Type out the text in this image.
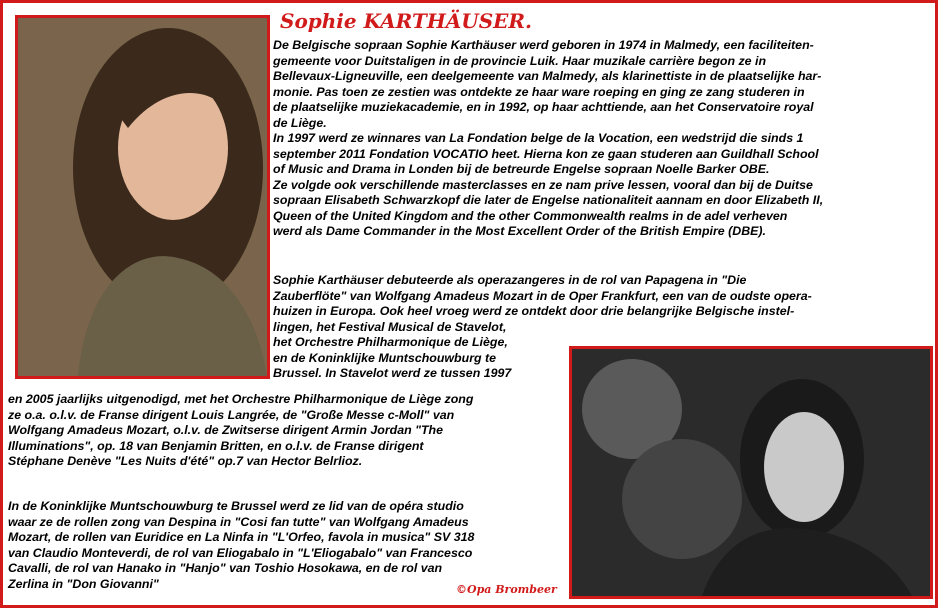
Sophie KARTHÄUSER.

De Belgische sopraan Sophie Karthäuser werd geboren in 1974 in Malmedy, een faciliteiten-
gemeente voor Duitstaligen in de provincie Luik. Haar muzikale carrière begon ze in
Bellevaux-Ligneuville, een deelgemeente van Malmedy, als klarinettiste in de plaatselijke har-
monie. Pas toen ze zestien was ontdekte ze haar ware roeping en ging ze zang studeren in
de plaatselijke muziekacademie, en in 1992, op haar achttiende, aan het Conservatoire royal
de Liège.
In 1997 werd ze winnares van La Fondation belge de la Vocation, een wedstrijd die sinds 1
september 2011 Fondation VOCATIO heet. Hierna kon ze gaan studeren aan Guildhall School
of Music and Drama in Londen bij de betreurde Engelse sopraan Noelle Barker OBE.
Ze volgde ook verschillende masterclasses en ze nam prive lessen, vooral dan bij de Duitse
sopraan Elisabeth Schwarzkopf die later de Engelse nationaliteit aannam en door Elizabeth II,
Queen of the United Kingdom and the other Commonwealth realms in de adel verheven
werd als Dame Commander in the Most Excellent Order of the British Empire (DBE).

Sophie Karthäuser debuteerde als operazangeres in de rol van Papagena in "Die
Zauberflöte" van Wolfgang Amadeus Mozart in de Oper Frankfurt, een van de oudste opera-
huizen in Europa. Ook heel vroeg werd ze ontdekt door drie belangrijke Belgische instel-
lingen, het Festival Musical de Stavelot,

het Orchestre Philharmonique de Liège,
en de Koninklijke Muntschouwburg te
Brussel. In Stavelot werd ze tussen 1997

en 2005 jaarlijks uitgenodigd, met het Orchestre Philharmonique de Liège zong
ze o.a. o.l.v. de Franse dirigent Louis Langrée, de "Große Messe c-Moll" van
Wolfgang Amadeus Mozart, o.l.v. de Zwitserse dirigent Armin Jordan "The
Illuminations", op. 18 van Benjamin Britten, en o.l.v. de Franse dirigent
Stéphane Denève "Les Nuits d'été" op.7 van Hector Belrlioz.

In de Koninklijke Muntschouwburg te Brussel werd ze lid van de opéra studio
waar ze de rollen zong van Despina in "Cosi fan tutte" van Wolfgang Amadeus
Mozart, de rollen van Euridice en La Ninfa in "L'Orfeo, favola in musica" SV 318
van Claudio Monteverdi, de rol van Eliogabalo in "L'Eliogabalo" van Francesco
Cavalli, de rol van Hanako in "Hanjo" van Toshio Hosokawa, en de rol van
Zerlina in "Don Giovanni"	©Opa Brombeer
